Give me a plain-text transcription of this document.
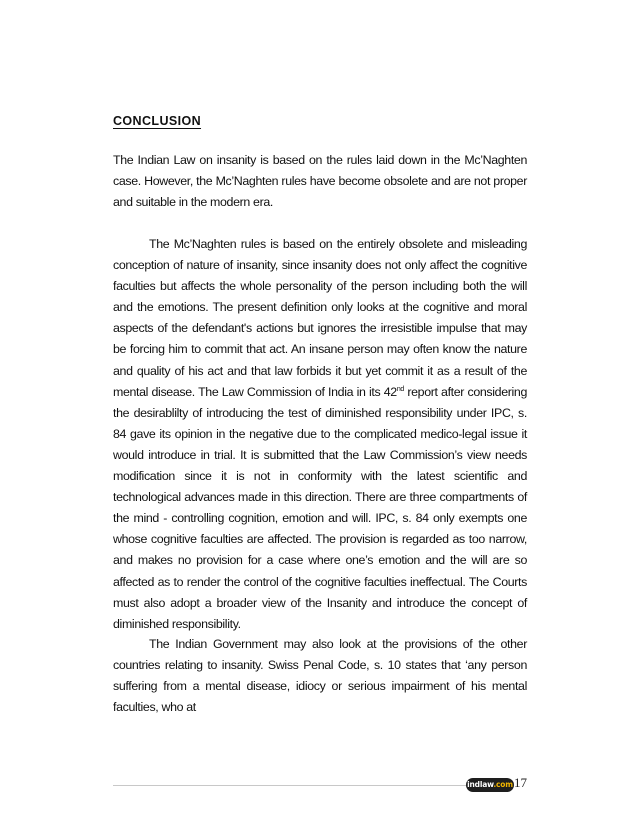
CONCLUSION

The Indian Law on insanity is based on the rules laid down in the Mc’Naghten case. However, the Mc’Naghten rules have become obsolete and are not proper and suitable in the modern era.

The Mc’Naghten rules is based on the entirely obsolete and misleading conception of nature of insanity, since insanity does not only affect the cognitive faculties but affects the whole personality of the person including both the will and the emotions. The present definition only looks at the cognitive and moral aspects of the defendant's actions but ignores the irresistible impulse that may be forcing him to commit that act. An insane person may often know the nature and quality of his act and that law forbids it but yet commit it as a result of the mental disease. The Law Commission of India in its 42nd report after considering the desirablilty of introducing the test of diminished responsibility under IPC, s. 84 gave its opinion in the negative due to the complicated medico-legal issue it would introduce in trial. It is submitted that the Law Commission’s view needs modification since it is not in conformity with the latest scientific and technological advances made in this direction. There are three compartments of the mind - controlling cognition, emotion and will. IPC, s. 84 only exempts one whose cognitive faculties are affected. The provision is regarded as too narrow, and makes no provision for a case where one’s emotion and the will are so affected as to render the control of the cognitive faculties ineffectual. The Courts must also adopt a broader view of the Insanity and introduce the concept of diminished responsibility.

The Indian Government may also look at the provisions of the other countries relating to insanity. Swiss Penal Code, s. 10 states that ‘any person suffering from a mental disease, idiocy or serious impairment of his mental faculties, who at

indlaw.com 17
